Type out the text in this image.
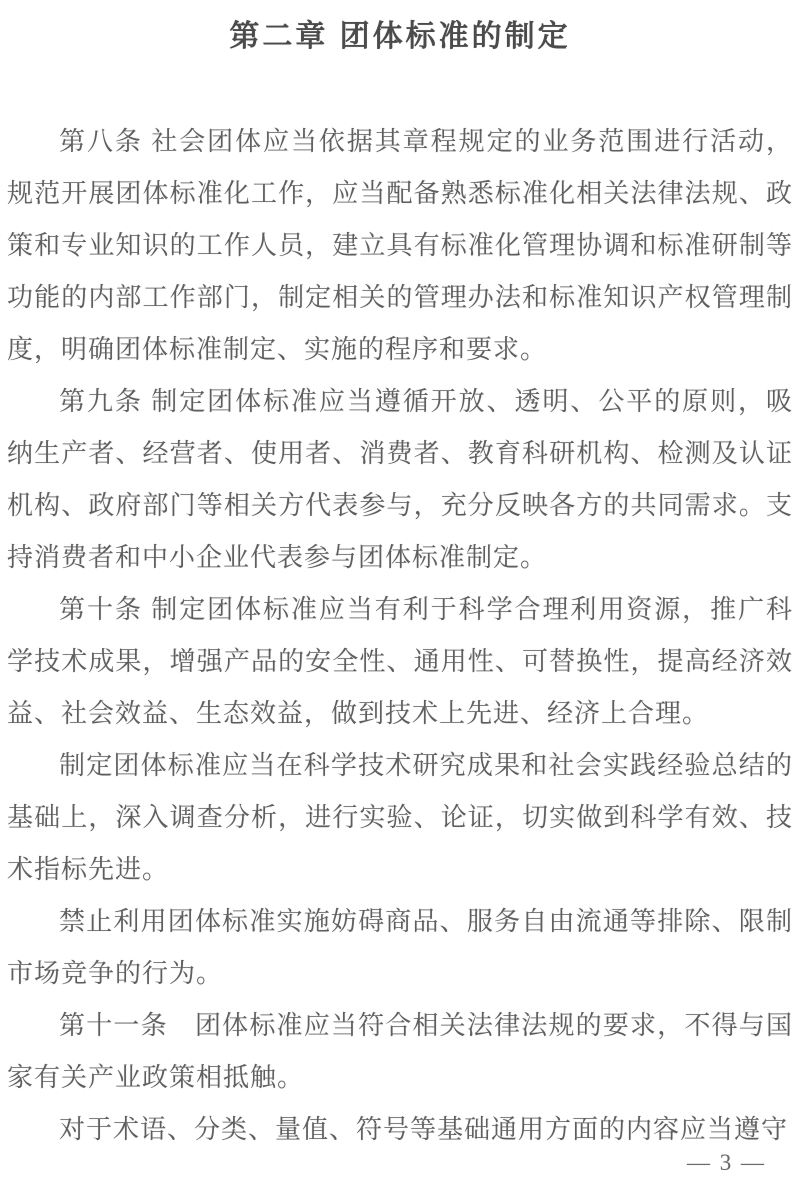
第二章 团体标准的制定

第八条 社会团体应当依据其章程规定的业务范围进行活动，规范开展团体标准化工作，应当配备熟悉标准化相关法律法规、政策和专业知识的工作人员，建立具有标准化管理协调和标准研制等功能的内部工作部门，制定相关的管理办法和标准知识产权管理制度，明确团体标准制定、实施的程序和要求。

第九条 制定团体标准应当遵循开放、透明、公平的原则，吸纳生产者、经营者、使用者、消费者、教育科研机构、检测及认证机构、政府部门等相关方代表参与，充分反映各方的共同需求。支持消费者和中小企业代表参与团体标准制定。

第十条 制定团体标准应当有利于科学合理利用资源，推广科学技术成果，增强产品的安全性、通用性、可替换性，提高经济效益、社会效益、生态效益，做到技术上先进、经济上合理。

制定团体标准应当在科学技术研究成果和社会实践经验总结的基础上，深入调查分析，进行实验、论证，切实做到科学有效、技术指标先进。

禁止利用团体标准实施妨碍商品、服务自由流通等排除、限制市场竞争的行为。

第十一条　团体标准应当符合相关法律法规的要求，不得与国家有关产业政策相抵触。

对于术语、分类、量值、符号等基础通用方面的内容应当遵守

— 3 —
